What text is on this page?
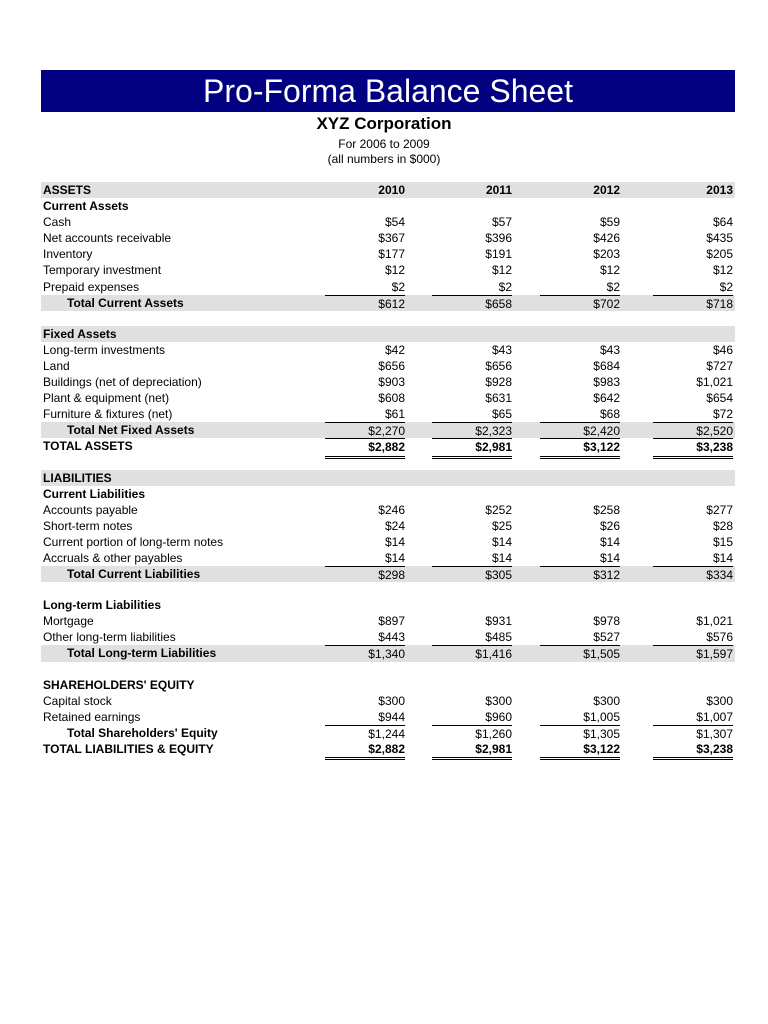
Pro-Forma Balance Sheet
XYZ Corporation
For 2006 to 2009
(all numbers in $000)
ASSETS	2010	2011	2012	2013
Current Assets
Cash	$54	$57	$59	$64
Net accounts receivable	$367	$396	$426	$435
Inventory	$177	$191	$203	$205
Temporary investment	$12	$12	$12	$12
Prepaid expenses	$2	$2	$2	$2
Total Current Assets	$612	$658	$702	$718
Fixed Assets
Long-term investments	$42	$43	$43	$46
Land	$656	$656	$684	$727
Buildings (net of depreciation)	$903	$928	$983	$1,021
Plant & equipment (net)	$608	$631	$642	$654
Furniture & fixtures (net)	$61	$65	$68	$72
Total Net Fixed Assets	$2,270	$2,323	$2,420	$2,520
TOTAL ASSETS	$2,882	$2,981	$3,122	$3,238
LIABILITIES
Current Liabilities
Accounts payable	$246	$252	$258	$277
Short-term notes	$24	$25	$26	$28
Current portion of long-term notes	$14	$14	$14	$15
Accruals & other payables	$14	$14	$14	$14
Total Current Liabilities	$298	$305	$312	$334
Long-term Liabilities
Mortgage	$897	$931	$978	$1,021
Other long-term liabilities	$443	$485	$527	$576
Total Long-term Liabilities	$1,340	$1,416	$1,505	$1,597
SHAREHOLDERS' EQUITY
Capital stock	$300	$300	$300	$300
Retained earnings	$944	$960	$1,005	$1,007
Total Shareholders' Equity	$1,244	$1,260	$1,305	$1,307
TOTAL LIABILITIES & EQUITY	$2,882	$2,981	$3,122	$3,238
